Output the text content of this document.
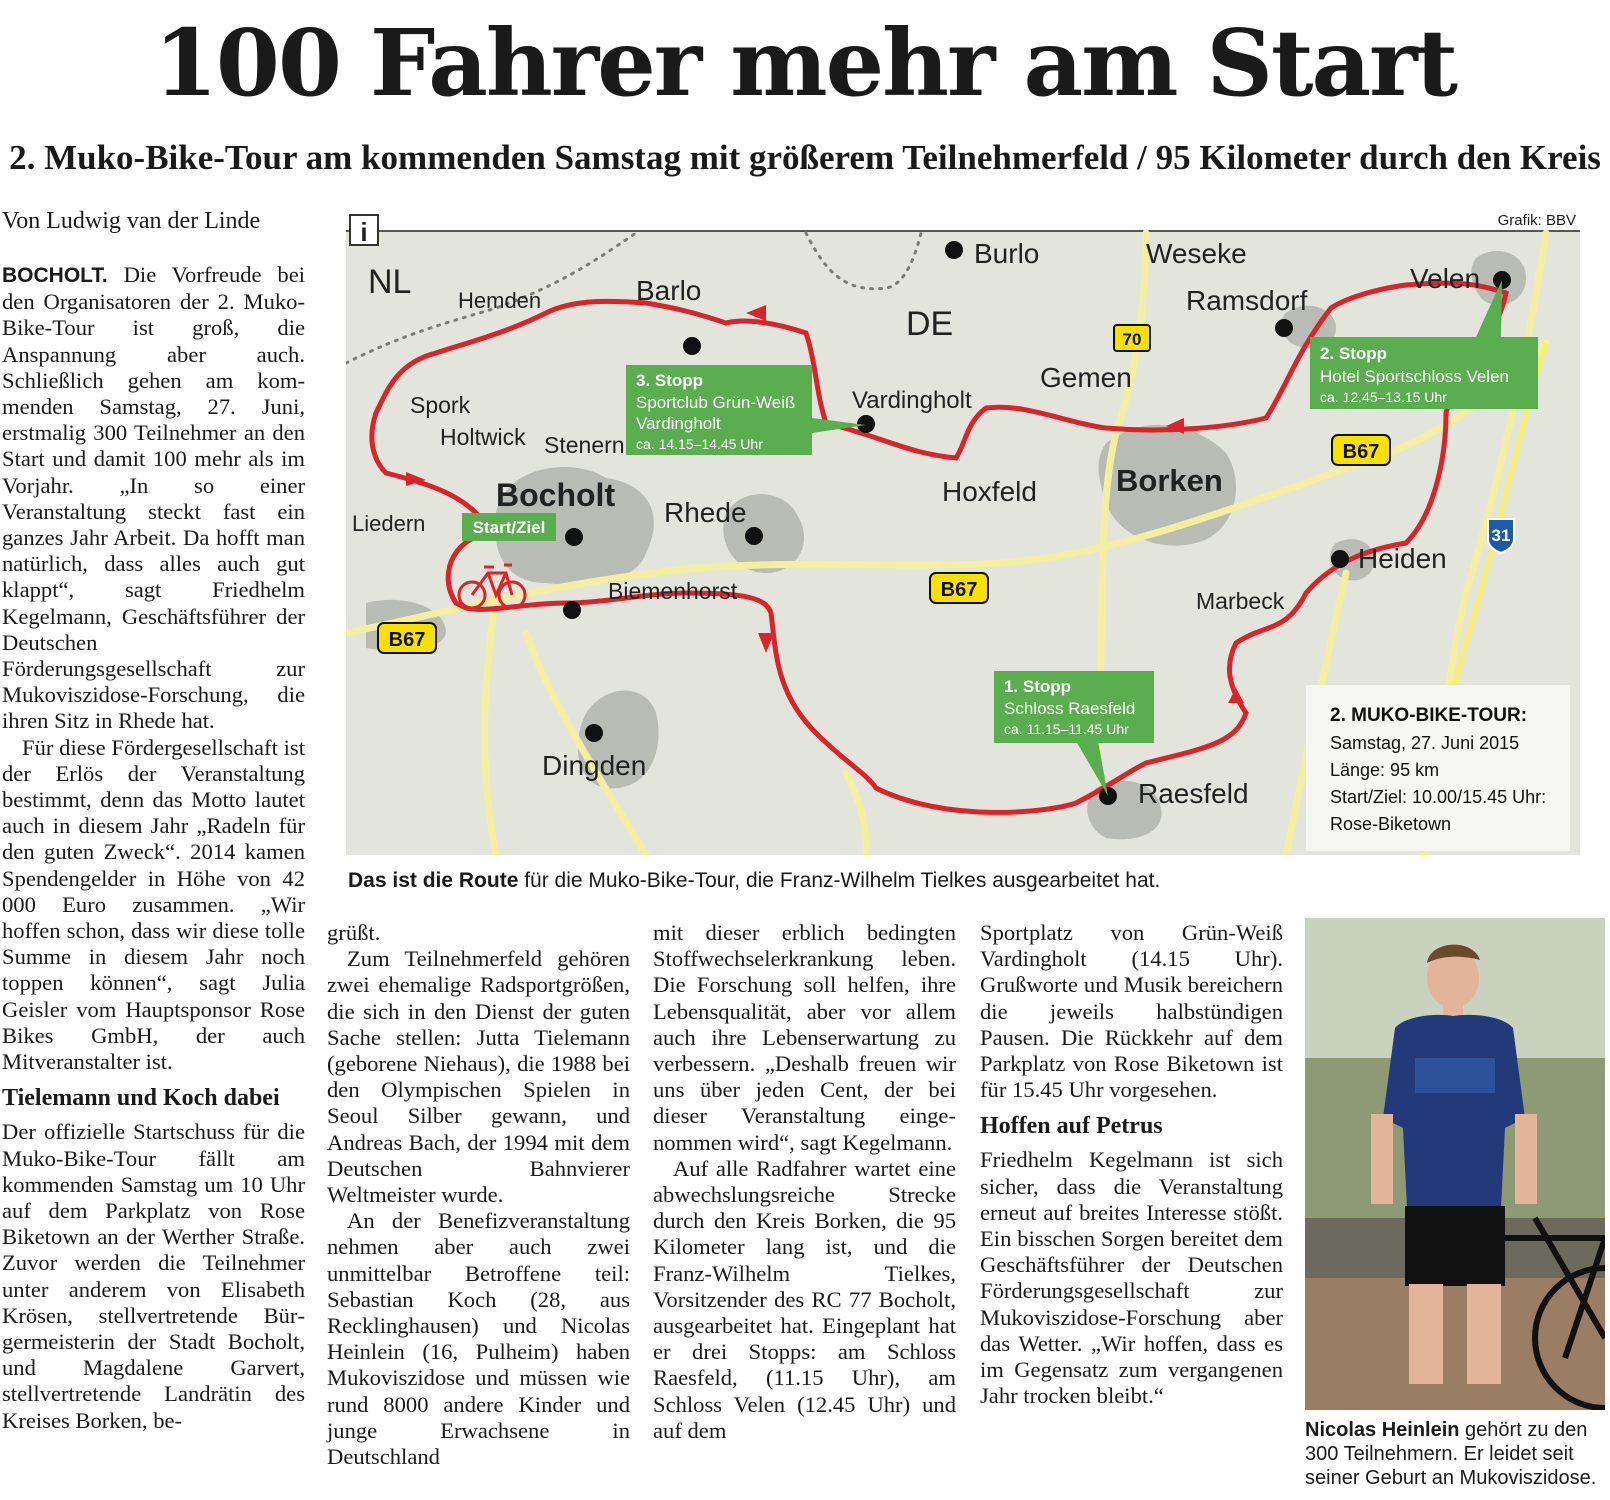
100 Fahrer mehr am Start
2. Muko-Bike-Tour am kommenden Samstag mit größerem Teilnehmerfeld / 95 Kilometer durch den Kreis
Von Ludwig van der Linde

BOCHOLT. Die Vorfreude bei den Organisatoren der 2. Muko-Bike-Tour ist groß, die Anspannung aber auch. Schließlich gehen am kommenden Samstag, 27. Juni, erstmalig 300 Teilnehmer an den Start und damit 100 mehr als im Vorjahr. „In so einer Veranstaltung steckt fast ein ganzes Jahr Arbeit. Da hofft man natürlich, dass alles auch gut klappt“, sagt Friedhelm Kegelmann, Geschäftsführer der Deutschen Förderungsgesellschaft zur Mukoviszidose-Forschung, die ihren Sitz in Rhede hat.

Für diese Fördergesellschaft ist der Erlös der Veranstaltung bestimmt, denn das Motto lautet auch in diesem Jahr „Radeln für den guten Zweck“. 2014 kamen Spendengelder in Höhe von 42 000 Euro zusammen. „Wir hoffen schon, dass wir diese tolle Summe in diesem Jahr noch toppen können“, sagt Julia Geisler vom Hauptsponsor Rose Bikes GmbH, der auch Mitveranstalter ist.

Tielemann und Koch dabei

Der offizielle Startschuss für die Muko-Bike-Tour fällt am kommenden Samstag um 10 Uhr auf dem Parkplatz von Rose Biketown an der Werther Straße. Zuvor werden die Teilnehmer unter anderem von Elisabeth Krösen, stellvertretende Bürgermeisterin der Stadt Bocholt, und Magdalene Garvert, stellvertretende Landrätin des Kreises Borken, be-

grüßt.

Zum Teilnehmerfeld gehören zwei ehemalige Radsportgrößen, die sich in den Dienst der guten Sache stellen: Jutta Tielemann (geborene Niehaus), die 1988 bei den Olympischen Spielen in Seoul Silber gewann, und Andreas Bach, der 1994 mit dem Deutschen Bahnvierer Weltmeister wurde.

An der Benefizveranstaltung nehmen aber auch zwei unmittelbar Betroffene teil: Sebastian Koch (28, aus Recklinghausen) und Nicolas Heinlein (16, Pulheim) haben Mukoviszidose und müssen wie rund 8000 andere Kinder und junge Erwachsene in Deutschland

mit dieser erblich bedingten Stoffwechselerkrankung leben. Die Forschung soll helfen, ihre Lebensqualität, aber vor allem auch ihre Lebenserwartung zu verbessern. „Deshalb freuen wir uns über jeden Cent, der bei dieser Veranstaltung eingenommen wird“, sagt Kegelmann.

Auf alle Radfahrer wartet eine abwechslungsreiche Strecke durch den Kreis Borken, die 95 Kilometer lang ist, und die Franz-Wilhelm Tielkes, Vorsitzender des RC 77 Bocholt, ausgearbeitet hat. Eingeplant hat er drei Stopps: am Schloss Raesfeld, (11.15 Uhr), am Schloss Velen (12.45 Uhr) und auf dem

Sportplatz von Grün-Weiß Vardingholt (14.15 Uhr). Grußworte und Musik bereichern die jeweils halbstündigen Pausen. Die Rückkehr auf dem Parkplatz von Rose Biketown ist für 15.45 Uhr vorgesehen.

Hoffen auf Petrus

Friedhelm Kegelmann ist sich sicher, dass die Veranstaltung erneut auf breites Interesse stößt. Ein bisschen Sorgen bereitet dem Geschäftsführer der Deutschen Förderungsgesellschaft zur Mukoviszidose-Forschung aber das Wetter. „Wir hoffen, dass es im Gegensatz zum vergangenen Jahr trocken bleibt.“

Grafik: BBV
i
NL
DE
Burlo	Weseke
Velen
Ramsdorf
Hemden	Barlo
Spork
Holtwick Stenern
Vardingholt
Gemen
Bocholt Rhede
Hoxfeld	Borken
Liedern
Biemenhorst
Heiden
Marbeck
Dingden
Raesfeld
70
B67
B67
B67
31
Start/Ziel
3. Stopp
Sportclub Grün-Weiß
Vardingholt
ca. 14.15–14.45 Uhr
2. Stopp
Hotel Sportschloss Velen
ca. 12.45–13.15 Uhr
1. Stopp
Schloss Raesfeld
ca. 11.15–11.45 Uhr
2. MUKO-BIKE-TOUR:
Samstag, 27. Juni 2015
Länge: 95 km
Start/Ziel: 10.00/15.45 Uhr:
Rose-Biketown
Das ist die Route für die Muko-Bike-Tour, die Franz-Wilhelm Tielkes ausgearbeitet hat.
Nicolas Heinlein gehört zu den 300 Teilnehmern. Er leidet seit seiner Geburt an Mukoviszidose.
